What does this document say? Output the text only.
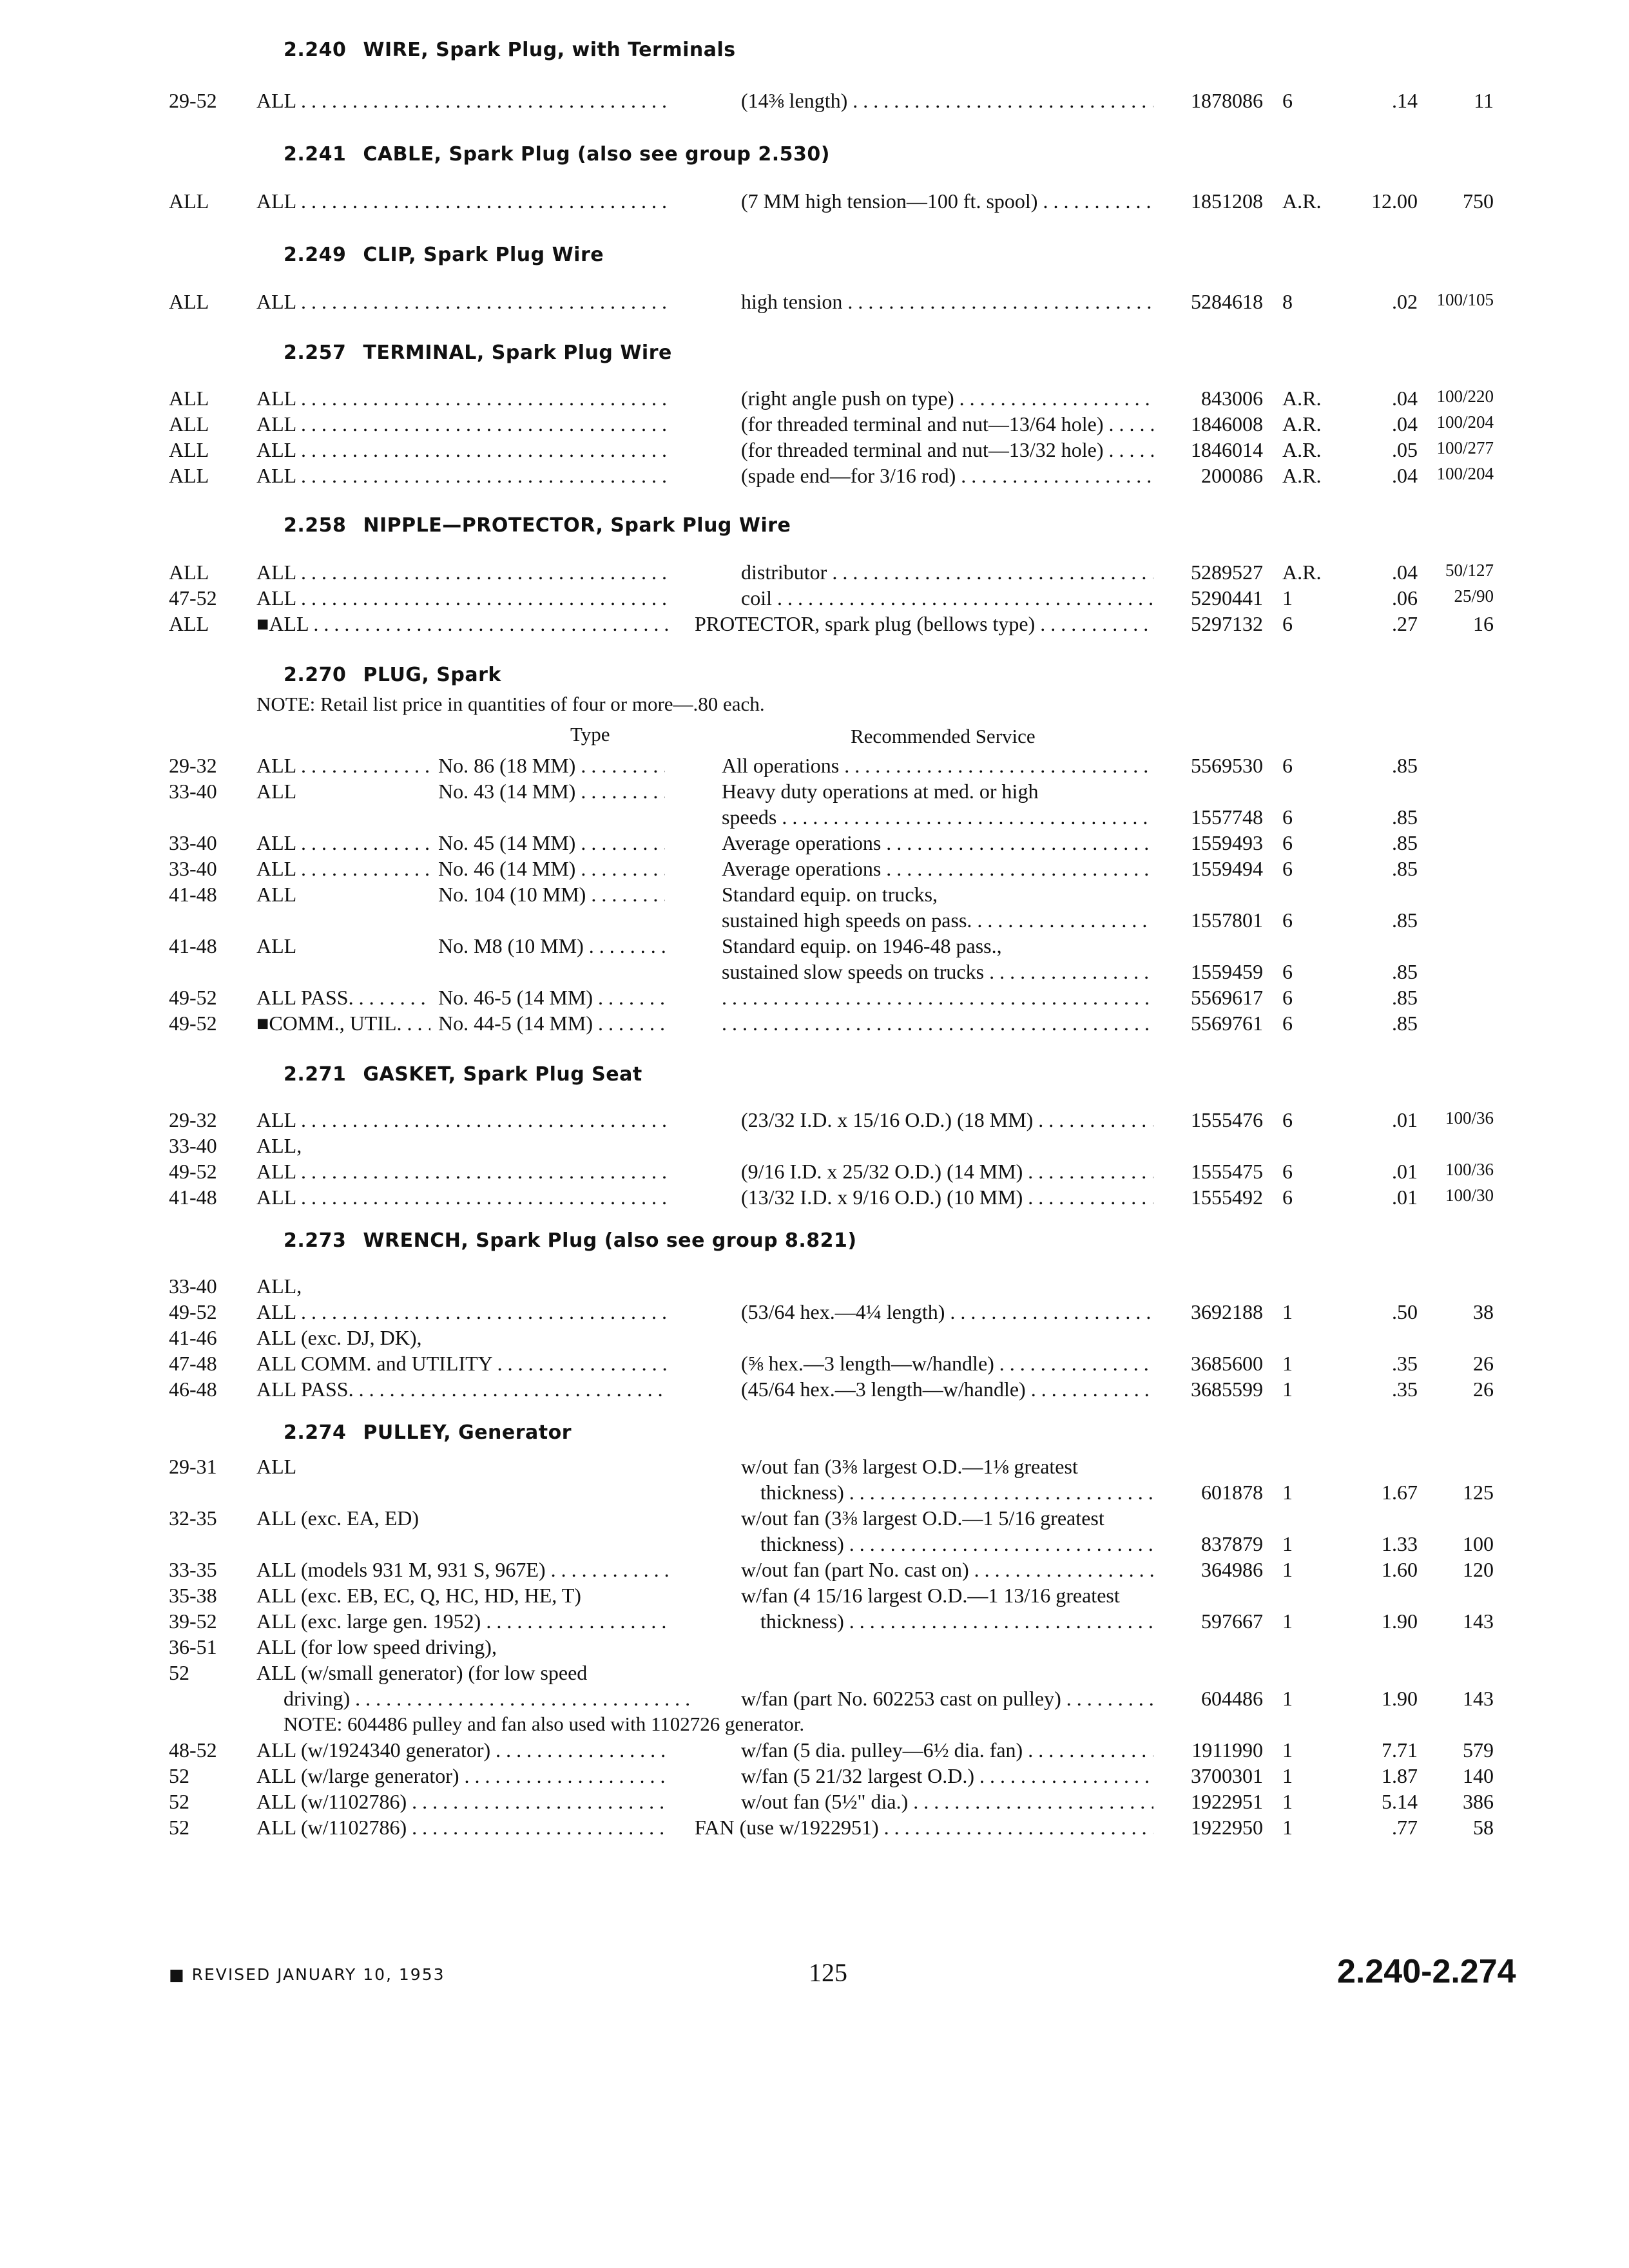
2.240 WIRE, Spark Plug, with Terminals
29-52 ALL . . .	(14⅜ length) . . .	1878086 6	.14	11
2.241 CABLE, Spark Plug (also see group 2.530)
ALL ALL . . .	(7 MM high tension—100 ft. spool) . . .	1851208 A.R.	12.00	750
2.249 CLIP, Spark Plug Wire
ALL ALL . . .	high tension . . .	5284618 8	.02	100/105
2.257 TERMINAL, Spark Plug Wire
ALL ALL . . .	(right angle push on type) . . .	843006 A.R.	.04	100/220
ALL ALL . . .	(for threaded terminal and nut—13/64 hole) . . .	1846008 A.R.	.04	100/204
ALL ALL . . .	(for threaded terminal and nut—13/32 hole) . . .	1846014 A.R.	.05	100/277
ALL ALL . . .	(spade end—for 3/16 rod) . . .	200086 A.R.	.04	100/204
2.258 NIPPLE—PROTECTOR, Spark Plug Wire
ALL ALL . . .	distributor . . .	5289527 A.R.	.04	50/127
47-52 ALL . . .	coil . . .	5290441 1	.06	25/90
ALL ■ALL . . .	PROTECTOR, spark plug (bellows type) . . .	5297132 6	.27	16
2.270 PLUG, Spark
NOTE: Retail list price in quantities of four or more—.80 each.
Type	Recommended Service
29-32 ALL . . .	No. 86 (18 MM) . . .	All operations . . .	5569530 6	.85
33-40 ALL	No. 43 (14 MM) . . .	Heavy duty operations at med. or high
speeds . . .	1557748 6	.85
33-40 ALL . . .	No. 45 (14 MM) . . .	Average operations . . .	1559493 6	.85
33-40 ALL . . .	No. 46 (14 MM) . . .	Average operations . . .	1559494 6	.85
41-48 ALL	No. 104 (10 MM) . . .	Standard equip. on trucks,
sustained high speeds on pass. . . .	1557801 6	.85
41-48 ALL	No. M8 (10 MM) . . .	Standard equip. on 1946-48 pass.,
sustained slow speeds on trucks . . .	1559459 6	.85
49-52 ALL PASS. . . .	No. 46-5 (14 MM) . . . . . .	5569617 6	.85
49-52 ■COMM., UTIL. . . .	No. 44-5 (14 MM) . . . . . .	5569761 6	.85
2.271 GASKET, Spark Plug Seat
29-32 ALL . . .	(23/32 I.D. x 15/16 O.D.) (18 MM) . . .	1555476 6	.01	100/36
33-40 ALL,
49-52 ALL . . .	(9/16 I.D. x 25/32 O.D.) (14 MM) . . .	1555475 6	.01	100/36
41-48 ALL . . .	(13/32 I.D. x 9/16 O.D.) (10 MM) . . .	1555492 6	.01	100/30
2.273 WRENCH, Spark Plug (also see group 8.821)
33-40 ALL,
49-52 ALL . . .	(53/64 hex.—4¼ length) . . .	3692188 1	.50	38
41-46 ALL (exc. DJ, DK),
47-48 ALL COMM. and UTILITY . . .	(⅝ hex.—3 length—w/handle) . . .	3685600 1	.35	26
46-48 ALL PASS. . . .	(45/64 hex.—3 length—w/handle) . . .	3685599 1	.35	26
2.274 PULLEY, Generator
29-31 ALL	w/out fan (3⅜ largest O.D.—1⅛ greatest
thickness) . . .	601878 1	1.67	125
32-35 ALL (exc. EA, ED)	w/out fan (3⅜ largest O.D.—1 5/16 greatest
thickness) . . .	837879 1	1.33	100
33-35 ALL (models 931 M, 931 S, 967E) . . .	w/out fan (part No. cast on) . . .	364986 1	1.60	120
35-38 ALL (exc. EB, EC, Q, HC, HD, HE, T)	w/fan (4 15/16 largest O.D.—1 13/16 greatest
39-52 ALL (exc. large gen. 1952) . . .	thickness) . . .	597667 1	1.90	143
36-51 ALL (for low speed driving),
52	ALL (w/small generator) (for low speed
driving) . . .	w/fan (part No. 602253 cast on pulley) . . .	604486 1	1.90	143
48-52 ALL (w/1924340 generator) . . .	w/fan (5 dia. pulley—6½ dia. fan) . . .	1911990 1	7.71	579
52	ALL (w/large generator) . . .	w/fan (5 21/32 largest O.D.) . . .	3700301 1	1.87	140
52	ALL (w/1102786) . . .	w/out fan (5½" dia.) . . .	1922951 1	5.14	386
52	ALL (w/1102786) . . .	FAN (use w/1922951) . . .	1922950 1	.77	58
NOTE: 604486 pulley and fan also used with 1102726 generator.
■ REVISED JANUARY 10, 1953	125	2.240-2.274
